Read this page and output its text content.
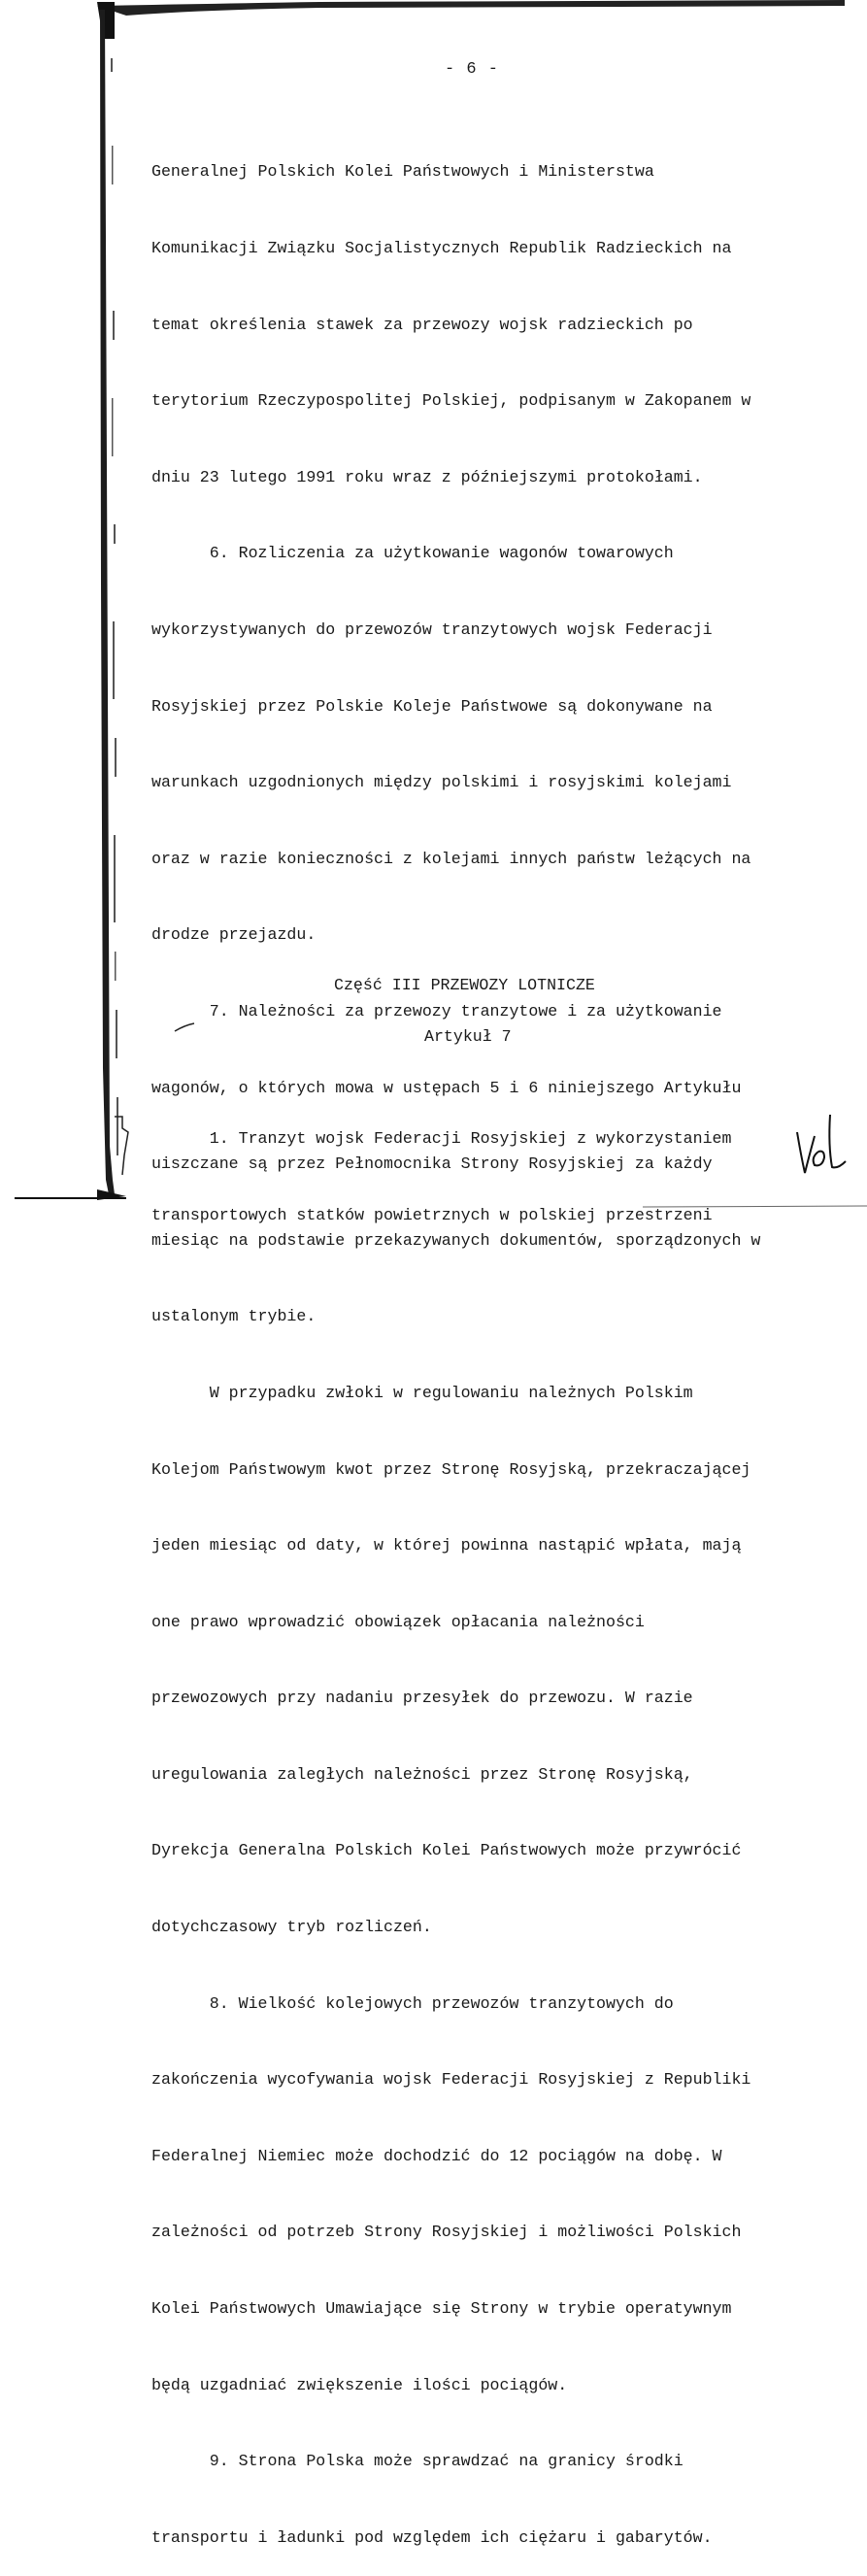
- 6 -

Generalnej Polskich Kolei Państwowych i Ministerstwa

Komunikacji Związku Socjalistycznych Republik Radzieckich na

temat określenia stawek za przewozy wojsk radzieckich po

terytorium Rzeczypospolitej Polskiej, podpisanym w Zakopanem w

dniu 23 lutego 1991 roku wraz z późniejszymi protokołami.

6. Rozliczenia za użytkowanie wagonów towarowych

wykorzystywanych do przewozów tranzytowych wojsk Federacji

Rosyjskiej przez Polskie Koleje Państwowe są dokonywane na

warunkach uzgodnionych między polskimi i rosyjskimi kolejami

oraz w razie konieczności z kolejami innych państw leżących na

drodze przejazdu.

7. Należności za przewozy tranzytowe i za użytkowanie

wagonów, o których mowa w ustępach 5 i 6 niniejszego Artykułu

uiszczane są przez Pełnomocnika Strony Rosyjskiej za każdy

miesiąc na podstawie przekazywanych dokumentów, sporządzonych w

ustalonym trybie.

W przypadku zwłoki w regulowaniu należnych Polskim

Kolejom Państwowym kwot przez Stronę Rosyjską, przekraczającej

jeden miesiąc od daty, w której powinna nastąpić wpłata, mają

one prawo wprowadzić obowiązek opłacania należności

przewozowych przy nadaniu przesyłek do przewozu. W razie

uregulowania zaległych należności przez Stronę Rosyjską,

Dyrekcja Generalna Polskich Kolei Państwowych może przywrócić

dotychczasowy tryb rozliczeń.

8. Wielkość kolejowych przewozów tranzytowych do

zakończenia wycofywania wojsk Federacji Rosyjskiej z Republiki

Federalnej Niemiec może dochodzić do 12 pociągów na dobę. W

zależności od potrzeb Strony Rosyjskiej i możliwości Polskich

Kolei Państwowych Umawiające się Strony w trybie operatywnym

będą uzgadniać zwiększenie ilości pociągów.

9. Strona Polska może sprawdzać na granicy środki

transportu i ładunki pod względem ich ciężaru i gabarytów.

Część III PRZEWOZY LOTNICZE
Artykuł 7

1. Tranzyt wojsk Federacji Rosyjskiej z wykorzystaniem

transportowych statków powietrznych w polskiej przestrzeni
